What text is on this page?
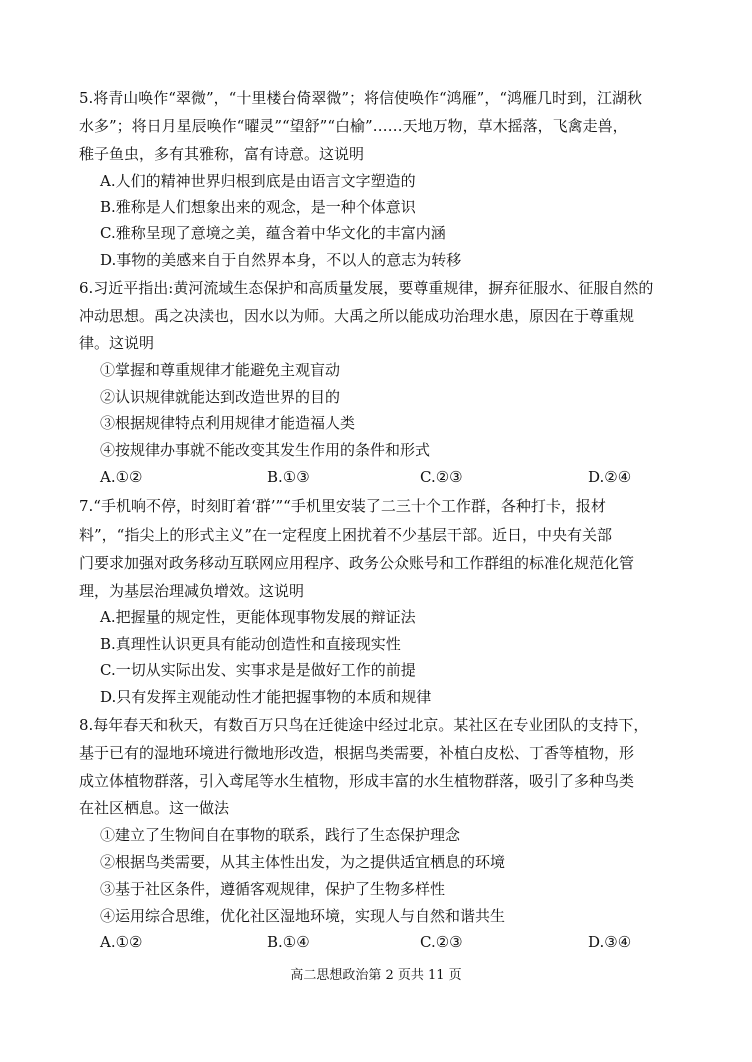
5.将青山唤作“翠微”，“十里楼台倚翠微”；将信使唤作“鸿雁”，“鸿雁几时到，江湖秋
水多”；将日月星辰唤作“曜灵”“望舒”“白榆”……天地万物，草木摇落，飞禽走兽，
稚子鱼虫，多有其雅称，富有诗意。这说明
A.人们的精神世界归根到底是由语言文字塑造的
B.雅称是人们想象出来的观念，是一种个体意识
C.雅称呈现了意境之美，蕴含着中华文化的丰富内涵
D.事物的美感来自于自然界本身，不以人的意志为转移
6.习近平指出:黄河流域生态保护和高质量发展，要尊重规律，摒弃征服水、征服自然的
冲动思想。禹之决渎也，因水以为师。大禹之所以能成功治理水患，原因在于尊重规
律。这说明
①掌握和尊重规律才能避免主观盲动
②认识规律就能达到改造世界的目的
③根据规律特点利用规律才能造福人类
④按规律办事就不能改变其发生作用的条件和形式
A.①②	B.①③	C.②③	D.②④
7.“手机响不停，时刻盯着‘群’”“手机里安装了二三十个工作群，各种打卡，报材
料”，“指尖上的形式主义”在一定程度上困扰着不少基层干部。近日，中央有关部
门要求加强对政务移动互联网应用程序、政务公众账号和工作群组的标准化规范化管
理，为基层治理减负增效。这说明
A.把握量的规定性，更能体现事物发展的辩证法
B.真理性认识更具有能动创造性和直接现实性
C.一切从实际出发、实事求是是做好工作的前提
D.只有发挥主观能动性才能把握事物的本质和规律
8.每年春天和秋天，有数百万只鸟在迁徙途中经过北京。某社区在专业团队的支持下，
基于已有的湿地环境进行微地形改造，根据鸟类需要，补植白皮松、丁香等植物，形
成立体植物群落，引入鸢尾等水生植物，形成丰富的水生植物群落，吸引了多种鸟类
在社区栖息。这一做法
①建立了生物间自在事物的联系，践行了生态保护理念
②根据鸟类需要，从其主体性出发，为之提供适宜栖息的环境
③基于社区条件，遵循客观规律，保护了生物多样性
④运用综合思维，优化社区湿地环境，实现人与自然和谐共生
A.①②	B.①④	C.②③	D.③④
高二思想政治第 2 页共 11 页
